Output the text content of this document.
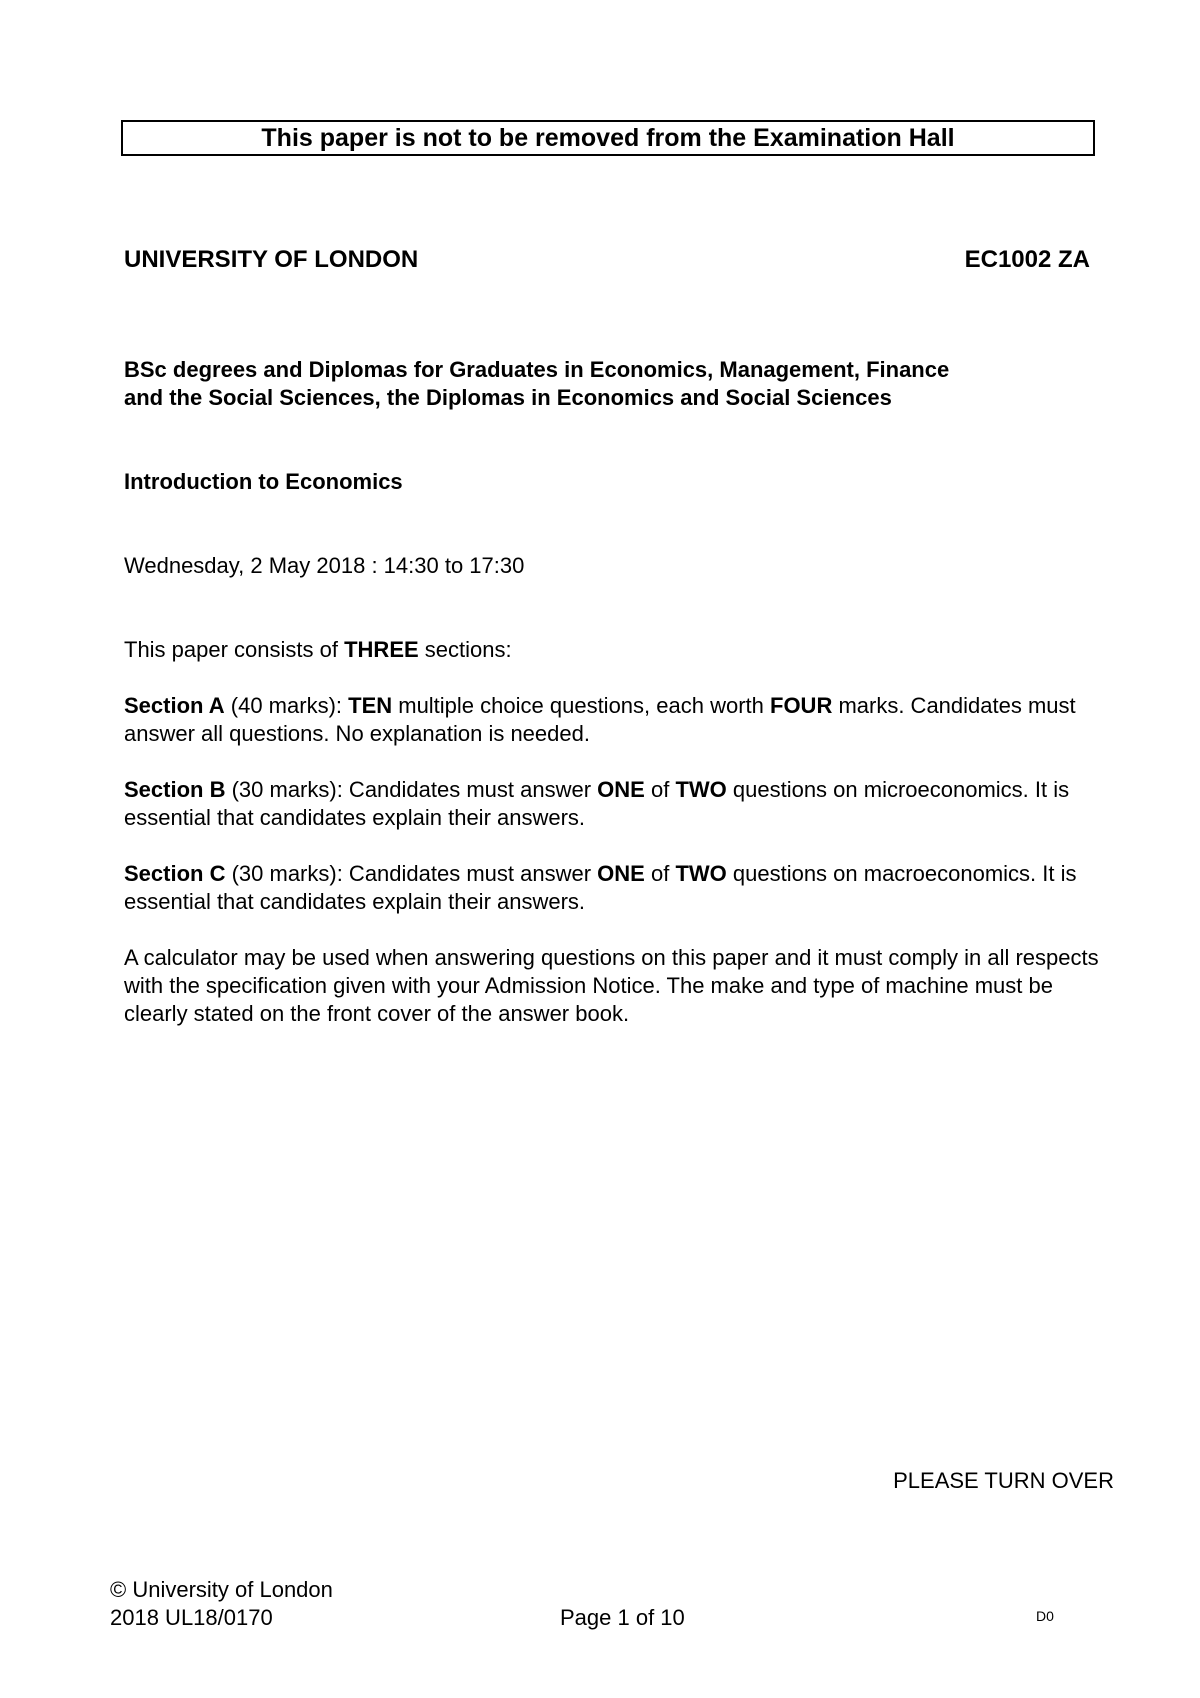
This paper is not to be removed from the Examination Hall
UNIVERSITY OF LONDON	EC1002 ZA
BSc degrees and Diplomas for Graduates in Economics, Management, Finance
and the Social Sciences, the Diplomas in Economics and Social Sciences
Introduction to Economics
Wednesday, 2 May 2018 : 14:30 to 17:30
This paper consists of THREE sections:
Section A (40 marks): TEN multiple choice questions, each worth FOUR marks. Candidates must answer all questions. No explanation is needed.
Section B (30 marks): Candidates must answer ONE of TWO questions on microeconomics. It is essential that candidates explain their answers.
Section C (30 marks): Candidates must answer ONE of TWO questions on macroeconomics. It is essential that candidates explain their answers.
A calculator may be used when answering questions on this paper and it must comply in all respects with the specification given with your Admission Notice. The make and type of machine must be clearly stated on the front cover of the answer book.
PLEASE TURN OVER
© University of London
2018 UL18/0170	Page 1 of 10	D0
